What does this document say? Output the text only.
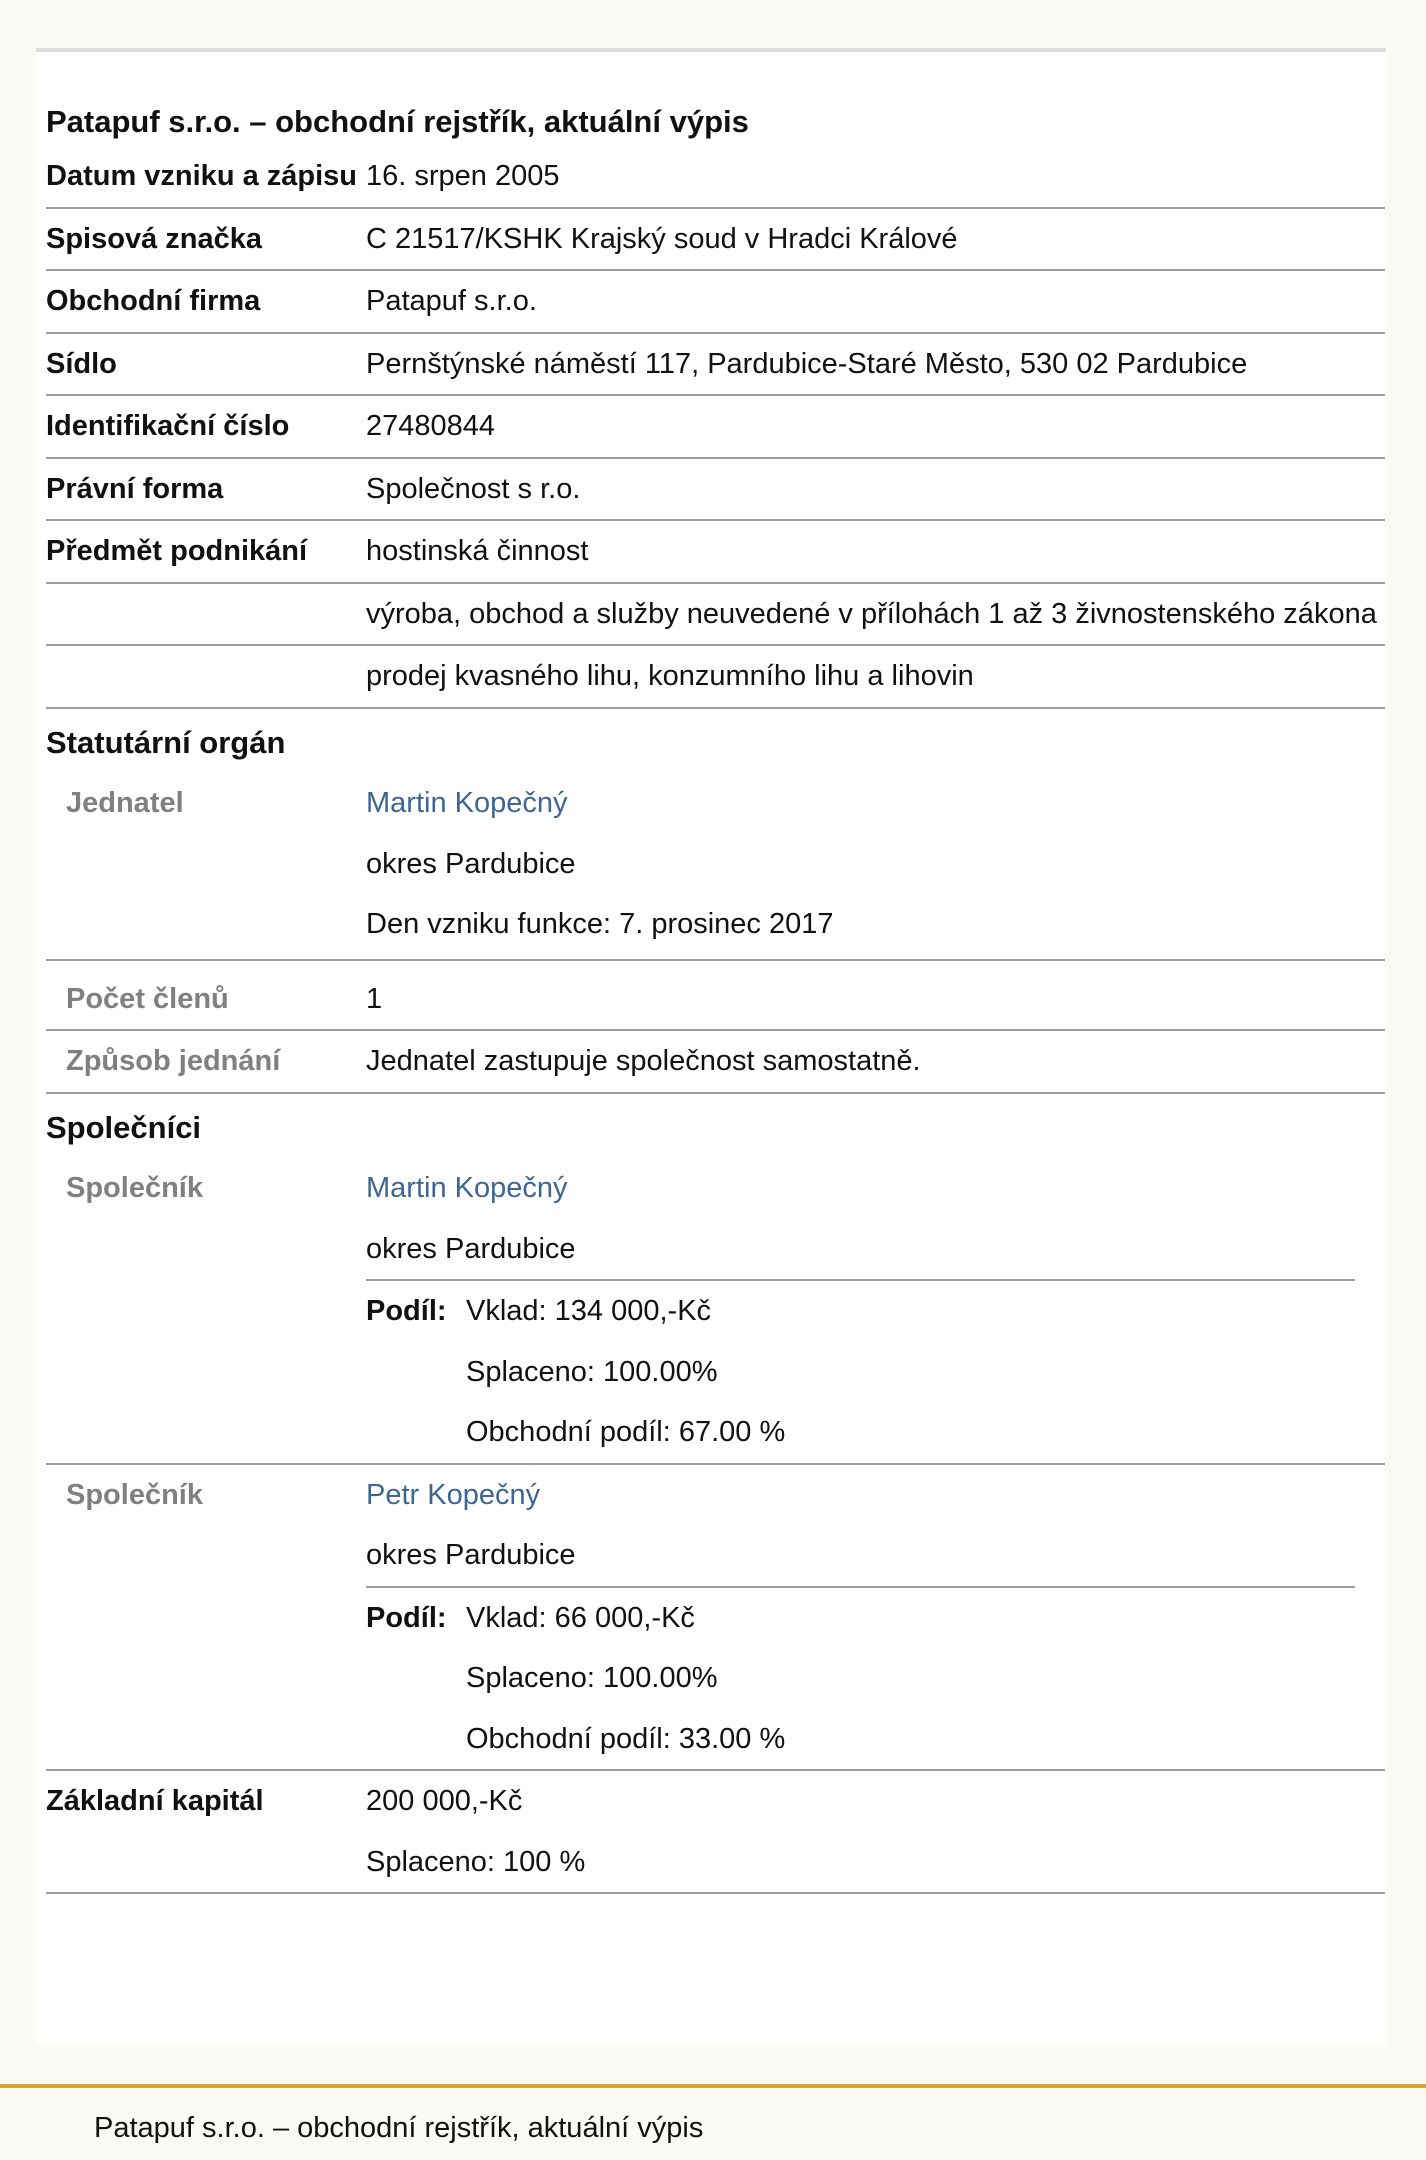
Patapuf s.r.o. – obchodní rejstřík, aktuální výpis
Datum vzniku a zápisu 16. srpen 2005
Spisová značka	C 21517/KSHK Krajský soud v Hradci Králové
Obchodní firma	Patapuf s.r.o.
Sídlo	Pernštýnské náměstí 117, Pardubice-Staré Město, 530 02 Pardubice
Identifikační číslo	27480844
Právní forma	Společnost s r.o.
Předmět podnikání	hostinská činnost
výroba, obchod a služby neuvedené v přílohách 1 až 3 živnostenského zákona
prodej kvasného lihu, konzumního lihu a lihovin
Statutární orgán
Jednatel	Martin Kopečný
okres Pardubice
Den vzniku funkce: 7. prosinec 2017
Počet členů	1
Způsob jednání	Jednatel zastupuje společnost samostatně.
Společníci
Společník	Martin Kopečný
okres Pardubice
Podíl: Vklad: 134 000,-Kč
Splaceno: 100.00%
Obchodní podíl: 67.00 %
Společník	Petr Kopečný
okres Pardubice
Podíl: Vklad: 66 000,-Kč
Splaceno: 100.00%
Obchodní podíl: 33.00 %
Základní kapitál	200 000,-Kč
Splaceno: 100 %
Patapuf s.r.o. – obchodní rejstřík, aktuální výpis
